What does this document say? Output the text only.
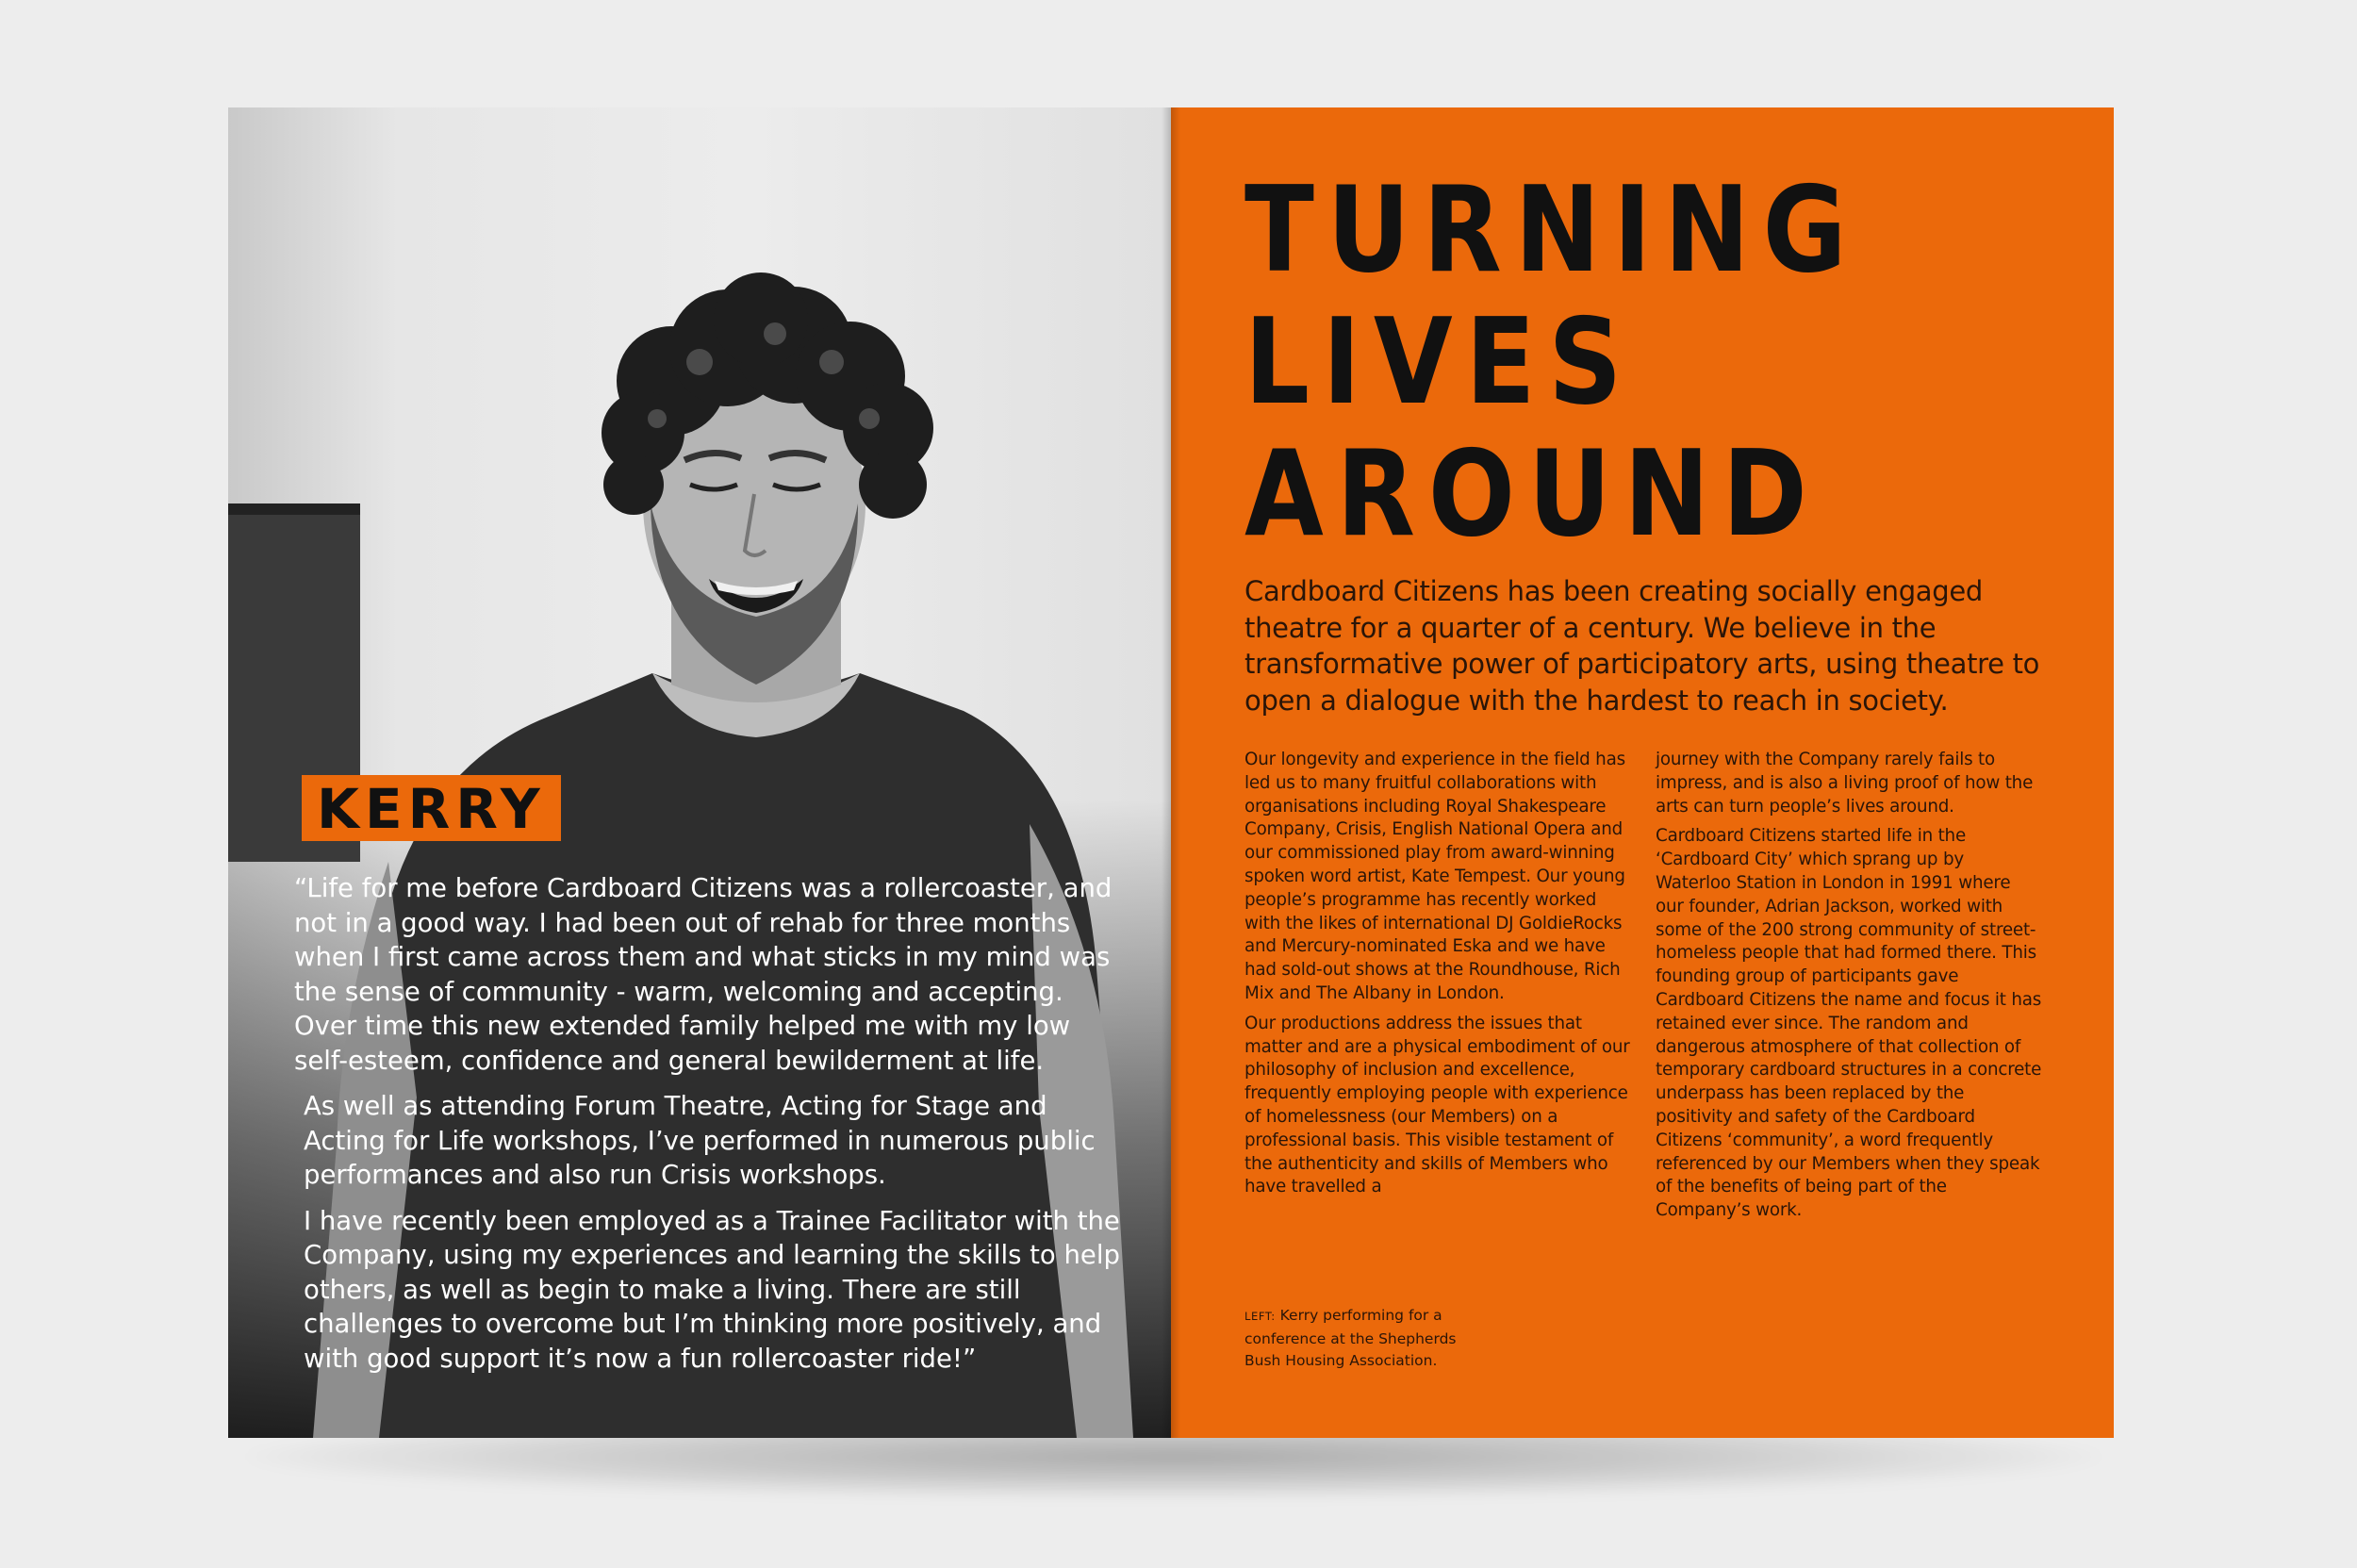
KERRY

“Life for me before Cardboard Citizens was a rollercoaster, and not in a good way. I had been out of rehab for three months when I first came across them and what sticks in my mind was the sense of community - warm, welcoming and accepting. Over time this new extended family helped me with my low self-esteem, confidence and general bewilderment at life.

As well as attending Forum Theatre, Acting for Stage and Acting for Life workshops, I’ve performed in numerous public performances and also run Crisis workshops.

I have recently been employed as a Trainee Facilitator with the Company, using my experiences and learning the skills to help others, as well as begin to make a living. There are still challenges to overcome but I’m thinking more positively, and with good support it’s now a fun rollercoaster ride!”

TURNING
LIVES
AROUND

Cardboard Citizens has been creating socially engaged theatre for a quarter of a century. We believe in the transformative power of participatory arts, using theatre to open a dialogue with the hardest to reach in society.

Our longevity and experience in the field has led us to many fruitful collaborations with organisations including Royal Shakespeare Company, Crisis, English National Opera and our commissioned play from award-winning spoken word artist, Kate Tempest. Our young people’s programme has recently worked with the likes of international DJ GoldieRocks and Mercury-nominated Eska and we have had sold-out shows at the Roundhouse, Rich Mix and The Albany in London.

Our productions address the issues that matter and are a physical embodiment of our philosophy of inclusion and excellence, frequently employing people with experience of homelessness (our Members) on a professional basis. This visible testament of the authenticity and skills of Members who have travelled a

journey with the Company rarely fails to impress, and is also a living proof of how the arts can turn people’s lives around.

Cardboard Citizens started life in the ‘Cardboard City’ which sprang up by Waterloo Station in London in 1991 where our founder, Adrian Jackson, worked with some of the 200 strong community of street-homeless people that had formed there. This founding group of participants gave Cardboard Citizens the name and focus it has retained ever since. The random and dangerous atmosphere of that collection of temporary cardboard structures in a concrete underpass has been replaced by the positivity and safety of the Cardboard Citizens ‘community’, a word frequently referenced by our Members when they speak of the benefits of being part of the Company’s work.

LEFT: Kerry performing for a conference at the Shepherds Bush Housing Association.
